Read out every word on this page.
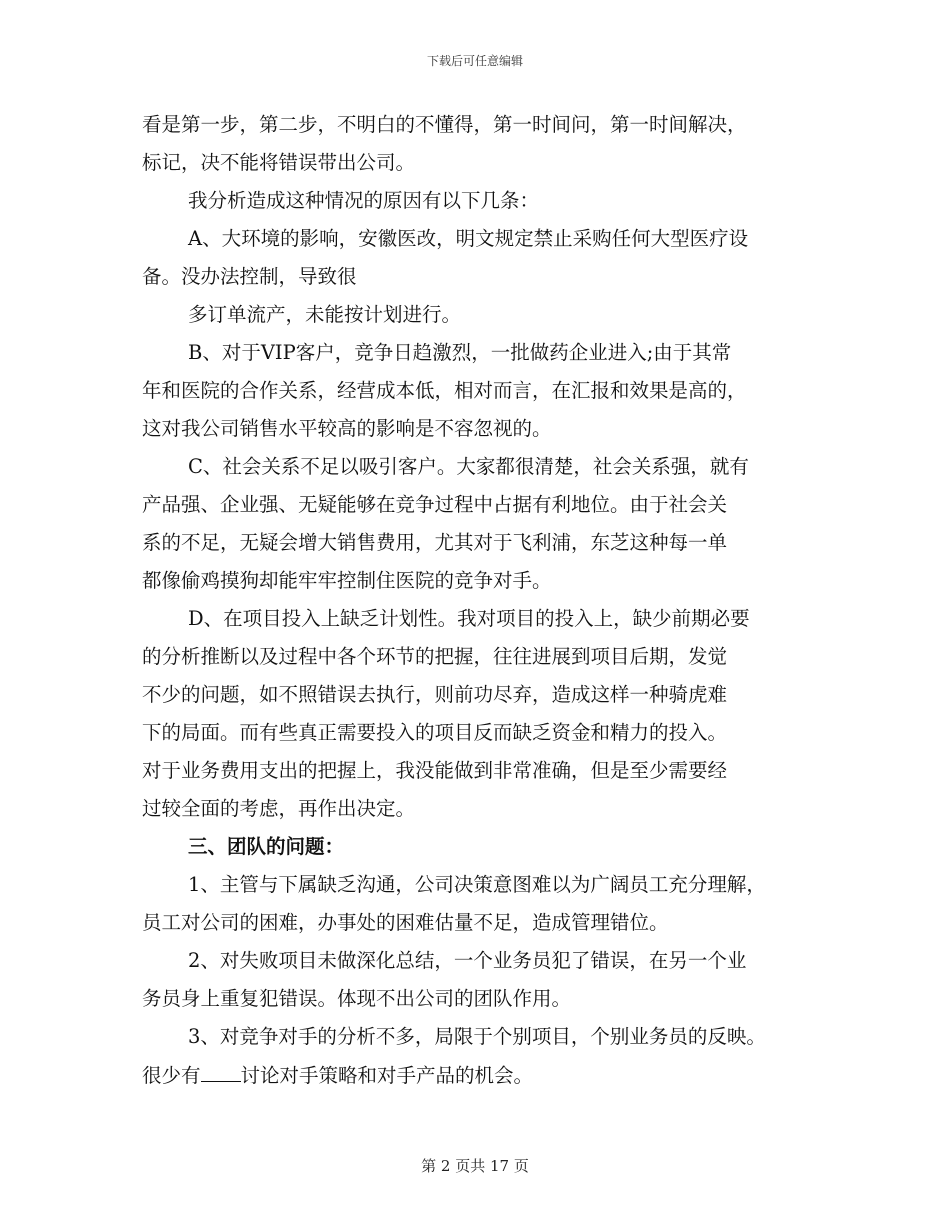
下载后可任意编辑
看是第一步，第二步，不明白的不懂得，第一时间问，第一时间解决，
标记，决不能将错误带出公司。
我分析造成这种情况的原因有以下几条：
A、大环境的影响，安徽医改，明文规定禁止采购任何大型医疗设
备。没办法控制，导致很
多订单流产，未能按计划进行。
B、对于VIP客户，竞争日趋激烈，一批做药企业进入;由于其常
年和医院的合作关系，经营成本低，相对而言，在汇报和效果是高的，
这对我公司销售水平较高的影响是不容忽视的。
C、社会关系不足以吸引客户。大家都很清楚，社会关系强，就有
产品强、企业强、无疑能够在竞争过程中占据有利地位。由于社会关
系的不足，无疑会增大销售费用，尤其对于飞利浦，东芝这种每一单
都像偷鸡摸狗却能牢牢控制住医院的竞争对手。
D、在项目投入上缺乏计划性。我对项目的投入上，缺少前期必要
的分析推断以及过程中各个环节的把握，往往进展到项目后期，发觉
不少的问题，如不照错误去执行，则前功尽弃，造成这样一种骑虎难
下的局面。而有些真正需要投入的项目反而缺乏资金和精力的投入。
对于业务费用支出的把握上，我没能做到非常准确，但是至少需要经
过较全面的考虑，再作出决定。
三、团队的问题：
1、主管与下属缺乏沟通，公司决策意图难以为广阔员工充分理解，
员工对公司的困难，办事处的困难估量不足，造成管理错位。
2、对失败项目未做深化总结，一个业务员犯了错误，在另一个业
务员身上重复犯错误。体现不出公司的团队作用。
3、对竞争对手的分析不多，局限于个别项目，个别业务员的反映。
很少有 讨论对手策略和对手产品的机会。
第 2 页共 17 页
